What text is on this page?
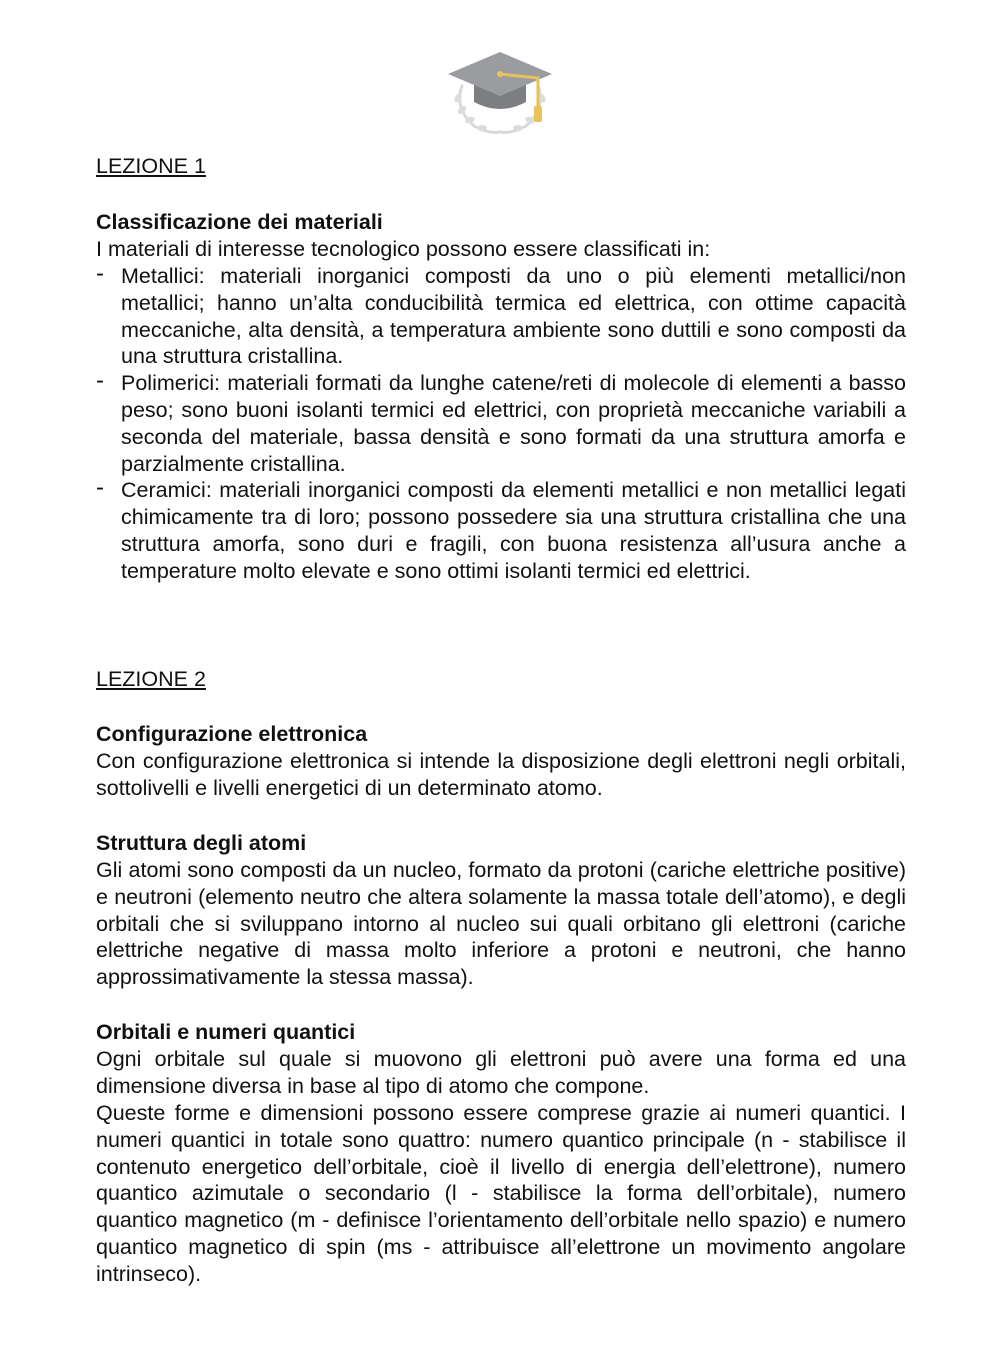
LEZIONE 1
Classificazione dei materiali
I materiali di interesse tecnologico possono essere classificati in:
- Metallici: materiali inorganici composti da uno o più elementi metallici/non metallici; hanno un’alta conducibilità termica ed elettrica, con ottime capacità meccaniche, alta densità, a temperatura ambiente sono duttili e sono composti da una struttura cristallina.
- Polimerici: materiali formati da lunghe catene/reti di molecole di elementi a basso peso; sono buoni isolanti termici ed elettrici, con proprietà meccaniche variabili a seconda del materiale, bassa densità e sono formati da una struttura amorfa e parzialmente cristallina.
- Ceramici: materiali inorganici composti da elementi metallici e non metallici legati chimicamente tra di loro; possono possedere sia una struttura cristallina che una struttura amorfa, sono duri e fragili, con buona resistenza all’usura anche a temperature molto elevate e sono ottimi isolanti termici ed elettrici.
LEZIONE 2
Configurazione elettronica
Con configurazione elettronica si intende la disposizione degli elettroni negli orbitali, sottolivelli e livelli energetici di un determinato atomo.
Struttura degli atomi
Gli atomi sono composti da un nucleo, formato da protoni (cariche elettriche positive) e neutroni (elemento neutro che altera solamente la massa totale dell’atomo), e degli orbitali che si sviluppano intorno al nucleo sui quali orbitano gli elettroni (cariche elettriche negative di massa molto inferiore a protoni e neutroni, che hanno approssimativamente la stessa massa).
Orbitali e numeri quantici
Ogni orbitale sul quale si muovono gli elettroni può avere una forma ed una dimensione diversa in base al tipo di atomo che compone.
Queste forme e dimensioni possono essere comprese grazie ai numeri quantici. I numeri quantici in totale sono quattro: numero quantico principale (n - stabilisce il contenuto energetico dell’orbitale, cioè il livello di energia dell’elettrone), numero quantico azimutale o secondario (l - stabilisce la forma dell’orbitale), numero quantico magnetico (m - definisce l’orientamento dell’orbitale nello spazio) e numero quantico magnetico di spin (ms - attribuisce all’elettrone un movimento angolare intrinseco).
